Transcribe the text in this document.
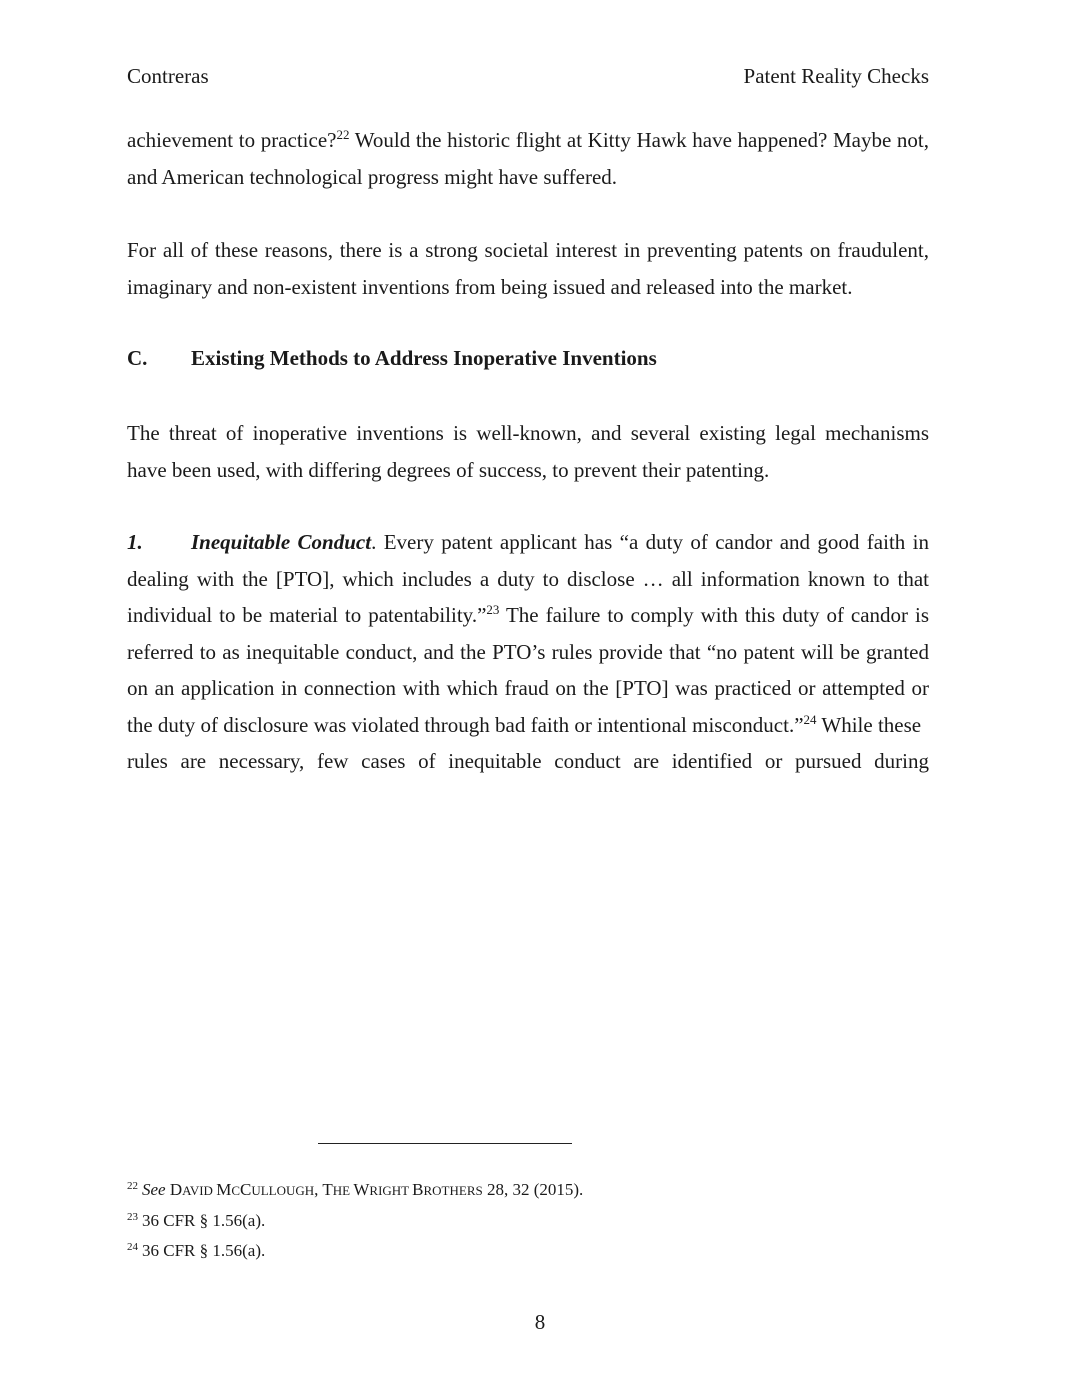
Contreras	Patent Reality Checks

achievement to practice?$^{22}$ Would the historic flight at Kitty Hawk have happened? Maybe not, and American technological progress might have suffered.

For all of these reasons, there is a strong societal interest in preventing patents on fraudulent, imaginary and non-existent inventions from being issued and released into the market.

C. Existing Methods to Address Inoperative Inventions

The threat of inoperative inventions is well-known, and several existing legal mechanisms have been used, with differing degrees of success, to prevent their patenting.

1. Inequitable Conduct. Every patent applicant has “a duty of candor and good faith in dealing with the [PTO], which includes a duty to disclose … all information known to that individual to be material to patentability.”$^{23}$ The failure to comply with this duty of candor is referred to as inequitable conduct, and the PTO’s rules provide that “no patent will be granted on an application in connection with which fraud on the [PTO] was practiced or attempted or the duty of disclosure was violated through bad faith or intentional misconduct.”$^{24}$ While these
rules are necessary, few cases of inequitable conduct are identified or pursued during

$^{22}$ See DAVID MCCULLOUGH, THE WRIGHT BROTHERS 28, 32 (2015).
$^{23}$ 36 CFR § 1.56(a).
$^{24}$ 36 CFR § 1.56(a).
8
